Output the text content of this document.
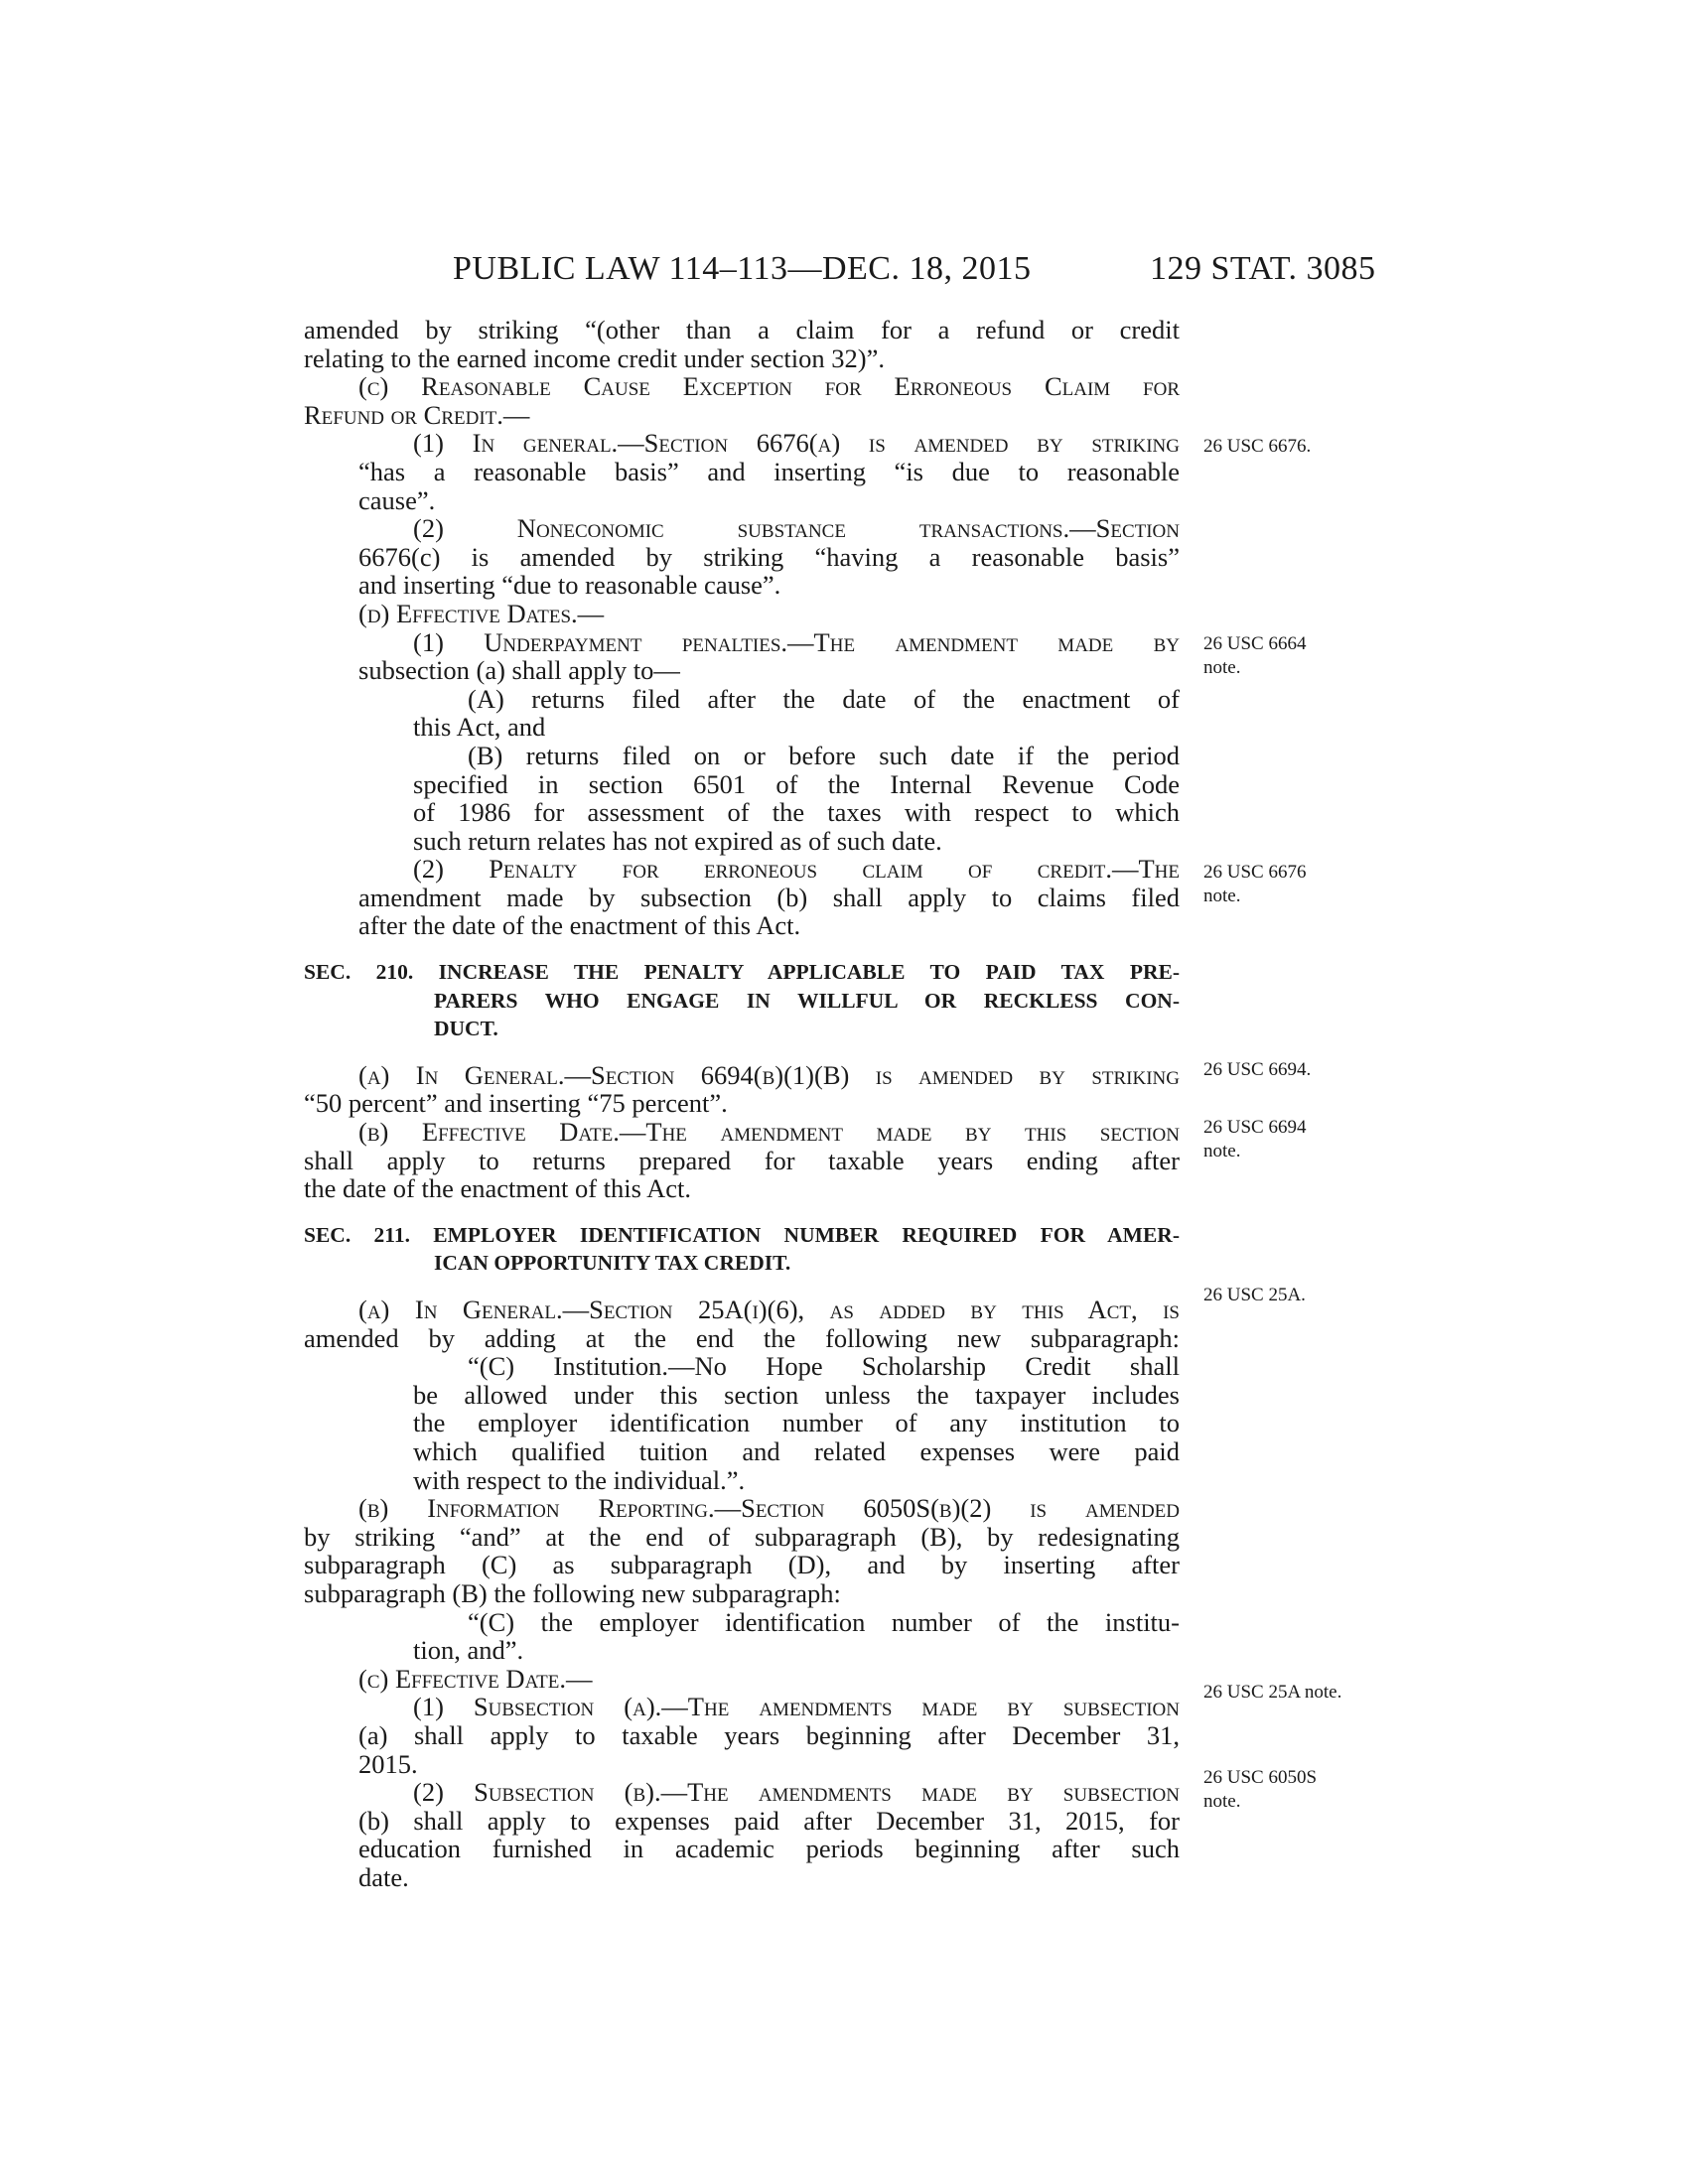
PUBLIC LAW 114–113—DEC. 18, 2015	129 STAT. 3085
amended by striking “(other than a claim for a refund or credit
relating to the earned income credit under section 32)”.
(c) Reasonable Cause Exception for Erroneous Claim for
Refund or Credit.—
(1) In general.—Section 6676(a) is amended by striking
“has a reasonable basis” and inserting “is due to reasonable
cause”.
(2) Noneconomic substance transactions.—Section
6676(c) is amended by striking “having a reasonable basis”
and inserting “due to reasonable cause”.
(d) Effective Dates.—
(1) Underpayment penalties.—The amendment made by
subsection (a) shall apply to—
(A) returns filed after the date of the enactment of
this Act, and
(B) returns filed on or before such date if the period
specified in section 6501 of the Internal Revenue Code
of 1986 for assessment of the taxes with respect to which
such return relates has not expired as of such date.
(2) Penalty for erroneous claim of credit.—The
amendment made by subsection (b) shall apply to claims filed
after the date of the enactment of this Act.
SEC. 210. INCREASE THE PENALTY APPLICABLE TO PAID TAX PRE-
PARERS WHO ENGAGE IN WILLFUL OR RECKLESS CON-
DUCT.
(a) In General.—Section 6694(b)(1)(B) is amended by striking
“50 percent” and inserting “75 percent”.
(b) Effective Date.—The amendment made by this section
shall apply to returns prepared for taxable years ending after
the date of the enactment of this Act.
SEC. 211. EMPLOYER IDENTIFICATION NUMBER REQUIRED FOR AMER-
ICAN OPPORTUNITY TAX CREDIT.
(a) In General.—Section 25A(i)(6), as added by this Act, is
amended by adding at the end the following new subparagraph:
“(C) Institution.—No Hope Scholarship Credit shall
be allowed under this section unless the taxpayer includes
the employer identification number of any institution to
which qualified tuition and related expenses were paid
with respect to the individual.”.
(b) Information Reporting.—Section 6050S(b)(2) is amended
by striking “and” at the end of subparagraph (B), by redesignating
subparagraph (C) as subparagraph (D), and by inserting after
subparagraph (B) the following new subparagraph:
“(C) the employer identification number of the institu-
tion, and”.
(c) Effective Date.—
(1) Subsection (a).—The amendments made by subsection
(a) shall apply to taxable years beginning after December 31,
2015.
(2) Subsection (b).—The amendments made by subsection
(b) shall apply to expenses paid after December 31, 2015, for
education furnished in academic periods beginning after such
date.
26 USC 6676.
26 USC 6664
note.
26 USC 6676
note.
26 USC 6694.
26 USC 6694
note.
26 USC 25A.
26 USC 25A note.
26 USC 6050S
note.
